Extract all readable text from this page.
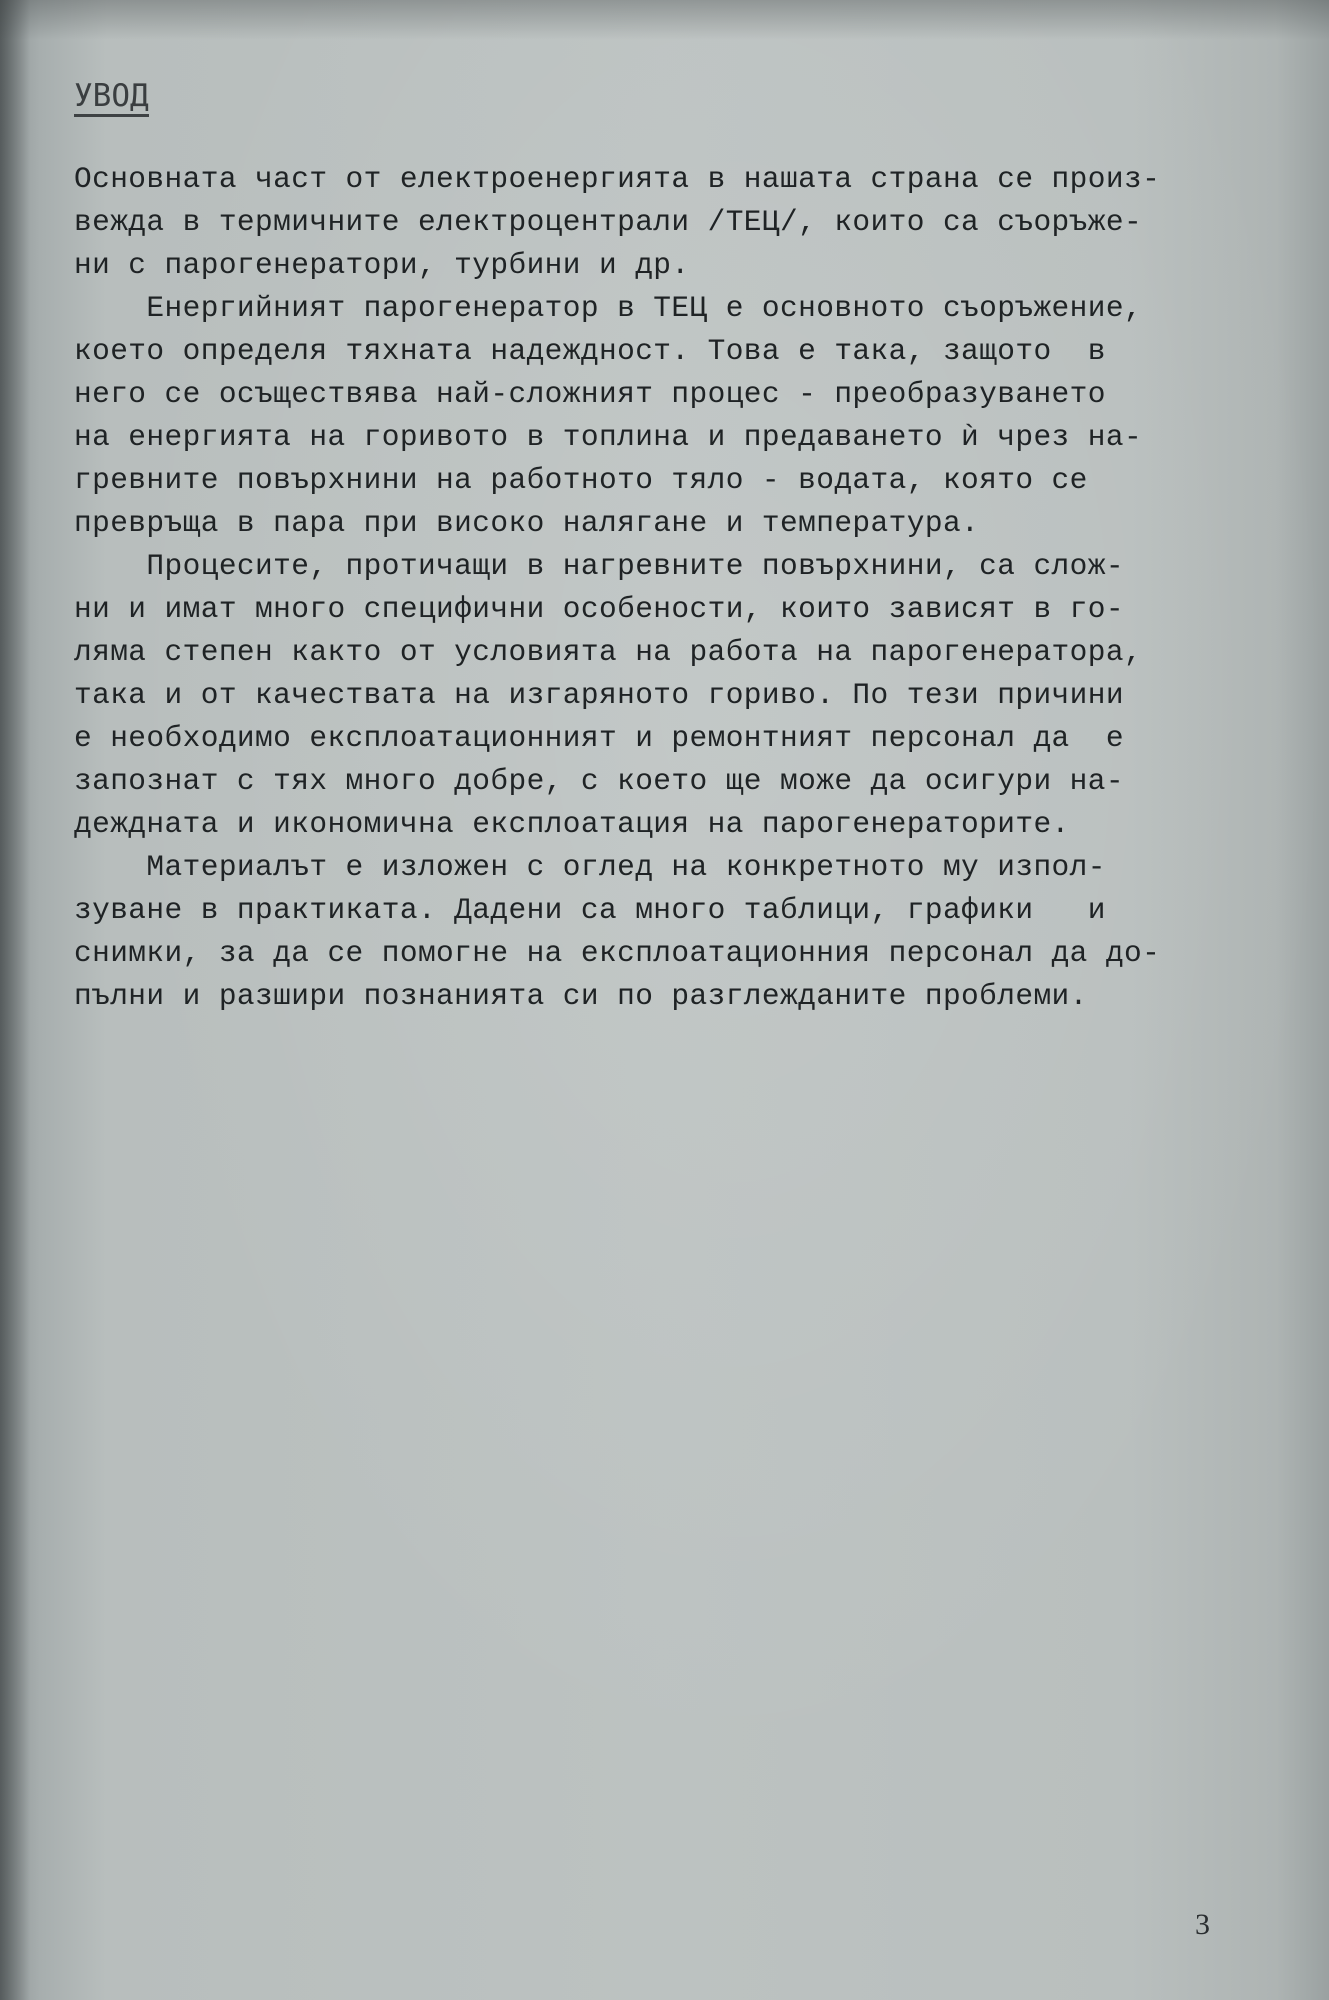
УВОД
Основната част от електроенергията в нашата страна се произ-
вежда в термичните електроцентрали /ТЕЦ/, които са съоръже-
ни с парогенератори, турбини и др.
Енергийният парогенератор в ТЕЦ е основното съоръжение,
което определя тяхната надеждност. Това е така, защото  в
него се осъществява най-сложният процес - преобразуването
на енергията на горивото в топлина и предаването ѝ чрез на-
гревните повърхнини на работното тяло - водата, която се
превръща в пара при високо налягане и температура.
Процесите, протичащи в нагревните повърхнини, са слож-
ни и имат много специфични особености, които зависят в го-
ляма степен както от условията на работа на парогенератора,
така и от качествата на изгаряното гориво. По тези причини
е необходимо експлоатационният и ремонтният персонал да  е
запознат с тях много добре, с което ще може да осигури на-
деждната и икономична експлоатация на парогенераторите.
Материалът е изложен с оглед на конкретното му изпол-
зуване в практиката. Дадени са много таблици, графики   и
снимки, за да се помогне на експлоатационния персонал да до-
пълни и разшири познанията си по разглежданите проблеми.
3
